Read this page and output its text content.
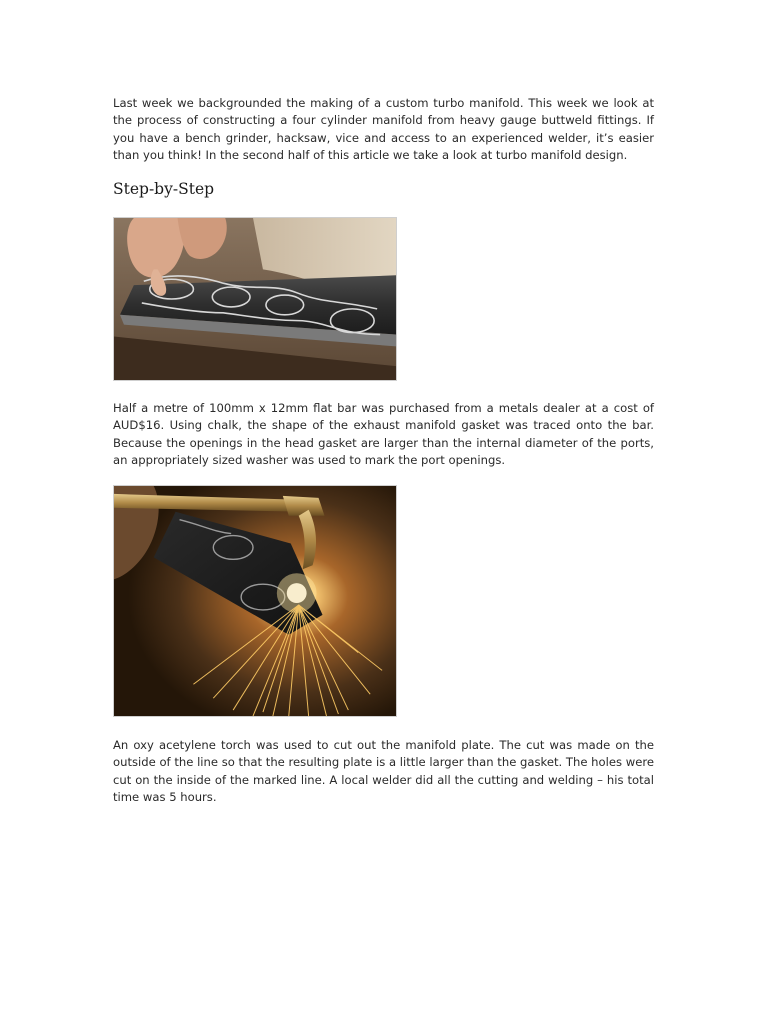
Last week we backgrounded the making of a custom turbo manifold. This week we look at the process of constructing a four cylinder manifold from heavy gauge buttweld fittings. If you have a bench grinder, hacksaw, vice and access to an experienced welder, it’s easier than you think! In the second half of this article we take a look at turbo manifold design.

Step-by-Step

Half a metre of 100mm x 12mm flat bar was purchased from a metals dealer at a cost of AUD$16. Using chalk, the shape of the exhaust manifold gasket was traced onto the bar. Because the openings in the head gasket are larger than the internal diameter of the ports, an appropriately sized washer was used to mark the port openings.

An oxy acetylene torch was used to cut out the manifold plate. The cut was made on the outside of the line so that the resulting plate is a little larger than the gasket. The holes were cut on the inside of the marked line. A local welder did all the cutting and welding – his total time was 5 hours.
